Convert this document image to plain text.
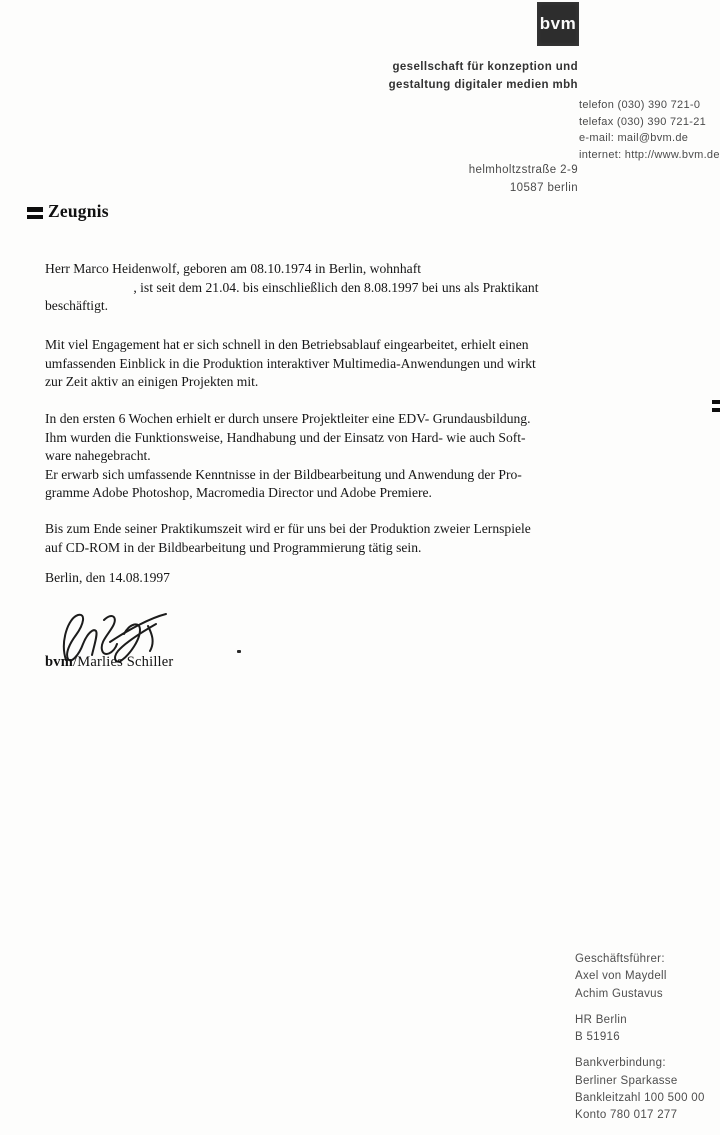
bvm
gesellschaft für konzeption und
gestaltung digitaler medien mbh
telefon (030) 390 721-0
telefax (030) 390 721-21
e-mail: mail@bvm.de
internet: http://www.bvm.de
helmholtzstraße 2-9
10587 berlin
Zeugnis
Herr Marco Heidenwolf, geboren am 08.10.1974 in Berlin, wohnhaft
, ist seit dem 21.04. bis einschließlich den 8.08.1997 bei uns als Praktikant
beschäftigt.
Mit viel Engagement hat er sich schnell in den Betriebsablauf eingearbeitet, erhielt einen
umfassenden Einblick in die Produktion interaktiver Multimedia-Anwendungen und wirkt
zur Zeit aktiv an einigen Projekten mit.
In den ersten 6 Wochen erhielt er durch unsere Projektleiter eine EDV- Grundausbildung.
Ihm wurden die Funktionsweise, Handhabung und der Einsatz von Hard- wie auch Soft-
ware nahegebracht.
Er erwarb sich umfassende Kenntnisse in der Bildbearbeitung und Anwendung der Pro-
gramme Adobe Photoshop, Macromedia Director und Adobe Premiere.
Bis zum Ende seiner Praktikumszeit wird er für uns bei der Produktion zweier Lernspiele
auf CD-ROM in der Bildbearbeitung und Programmierung tätig sein.
Berlin, den 14.08.1997
bvm/Marlies Schiller
Geschäftsführer:
Axel von Maydell
Achim Gustavus
HR Berlin
B 51916
Bankverbindung:
Berliner Sparkasse
Bankleitzahl 100 500 00
Konto 780 017 277
